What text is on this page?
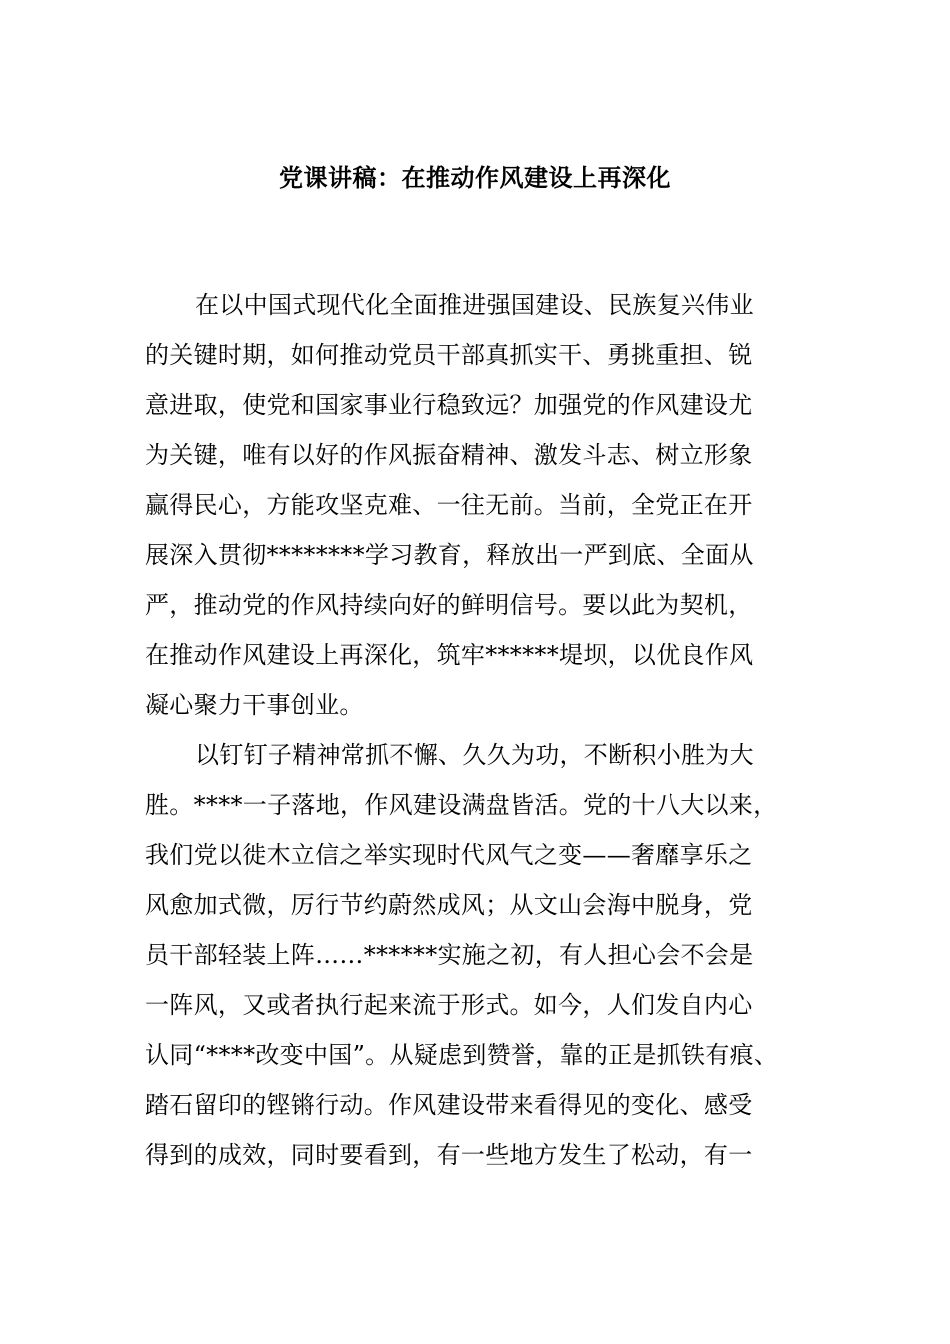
党课讲稿：在推动作风建设上再深化
在以中国式现代化全面推进强国建设、民族复兴伟业
的关键时期，如何推动党员干部真抓实干、勇挑重担、锐
意进取，使党和国家事业行稳致远？加强党的作风建设尤
为关键，唯有以好的作风振奋精神、激发斗志、树立形象
赢得民心，方能攻坚克难、一往无前。当前，全党正在开
展深入贯彻********学习教育，释放出一严到底、全面从
严，推动党的作风持续向好的鲜明信号。要以此为契机，
在推动作风建设上再深化，筑牢******堤坝，以优良作风
凝心聚力干事创业。
以钉钉子精神常抓不懈、久久为功，不断积小胜为大
胜。****一子落地，作风建设满盘皆活。党的十八大以来，
我们党以徙木立信之举实现时代风气之变——奢靡享乐之
风愈加式微，厉行节约蔚然成风；从文山会海中脱身，党
员干部轻装上阵……******实施之初，有人担心会不会是
一阵风，又或者执行起来流于形式。如今，人们发自内心
认同“****改变中国”。从疑虑到赞誉，靠的正是抓铁有痕、
踏石留印的铿锵行动。作风建设带来看得见的变化、感受
得到的成效，同时要看到，有一些地方发生了松动，有一
